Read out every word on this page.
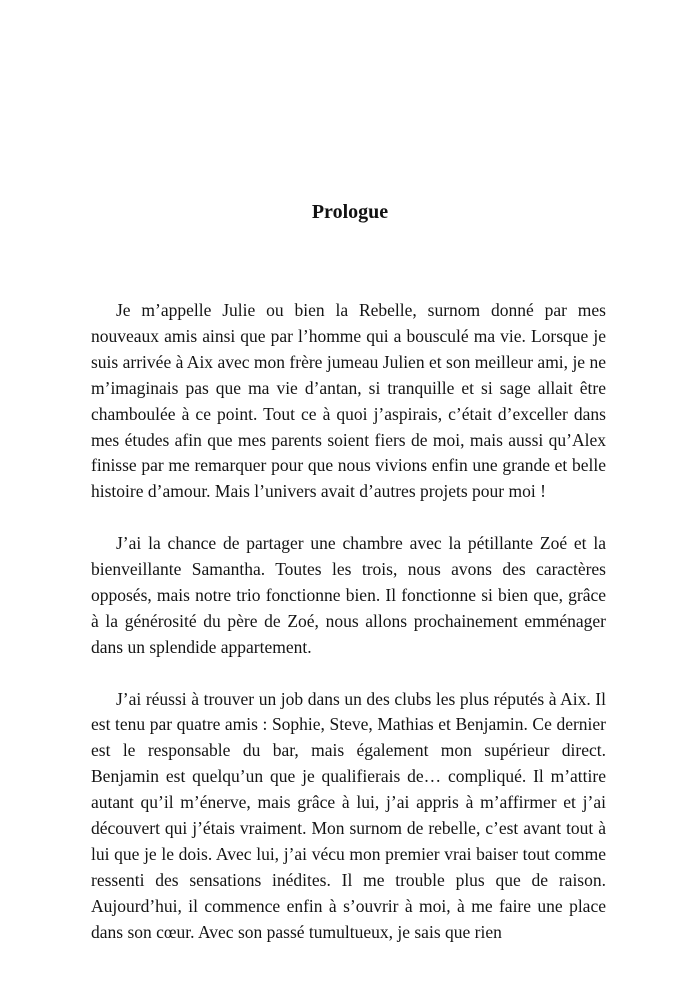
Prologue

Je m’appelle Julie ou bien la Rebelle, surnom donné par mes nouveaux amis ainsi que par l’homme qui a bousculé ma vie. Lorsque je suis arrivée à Aix avec mon frère jumeau Julien et son meilleur ami, je ne m’imaginais pas que ma vie d’antan, si tranquille et si sage allait être chamboulée à ce point. Tout ce à quoi j’aspirais, c’était d’exceller dans mes études afin que mes parents soient fiers de moi, mais aussi qu’Alex finisse par me remarquer pour que nous vivions enfin une grande et belle histoire d’amour. Mais l’univers avait d’autres projets pour moi !

J’ai la chance de partager une chambre avec la pétillante Zoé et la bienveillante Samantha. Toutes les trois, nous avons des caractères opposés, mais notre trio fonctionne bien. Il fonctionne si bien que, grâce à la générosité du père de Zoé, nous allons prochainement emménager dans un splendide appartement.

J’ai réussi à trouver un job dans un des clubs les plus réputés à Aix. Il est tenu par quatre amis : Sophie, Steve, Mathias et Benjamin. Ce dernier est le responsable du bar, mais également mon supérieur direct. Benjamin est quelqu’un que je qualifierais de… compliqué. Il m’attire autant qu’il m’énerve, mais grâce à lui, j’ai appris à m’affirmer et j’ai découvert qui j’étais vraiment. Mon surnom de rebelle, c’est avant tout à lui que je le dois. Avec lui, j’ai vécu mon premier vrai baiser tout comme ressenti des sensations inédites. Il me trouble plus que de raison. Aujourd’hui, il commence enfin à s’ouvrir à moi, à me faire une place dans son cœur. Avec son passé tumultueux, je sais que rien
